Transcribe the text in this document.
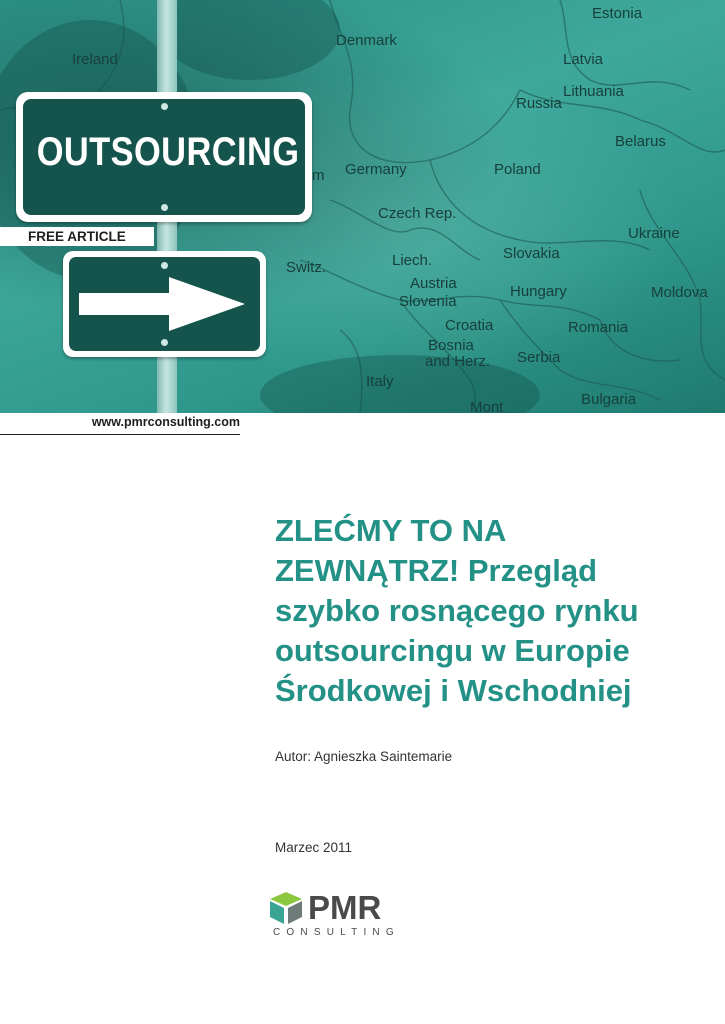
Estonia
Ireland
Denmark
Latvia
Lithuania
Russia
Belarus
Germany	Poland
Czech Rep.
Ukraine
Slovakia
Switz.	Liech.
Austria
Slovenia
Hungary	Moldova
Croatia	Romania
Bosnia
and Herz. Serbia
Italy
Mont	Bulgaria
m
OUTSOURCING
FREE ARTICLE
www.pmrconsulting.com
ZLEĆMY TO NA
ZEWNĄTRZ! Przegląd
szybko rosnącego rynku
outsourcingu w Europie
Środkowej i Wschodniej
Autor: Agnieszka Saintemarie
Marzec 2011
PMR
CONSULTING
